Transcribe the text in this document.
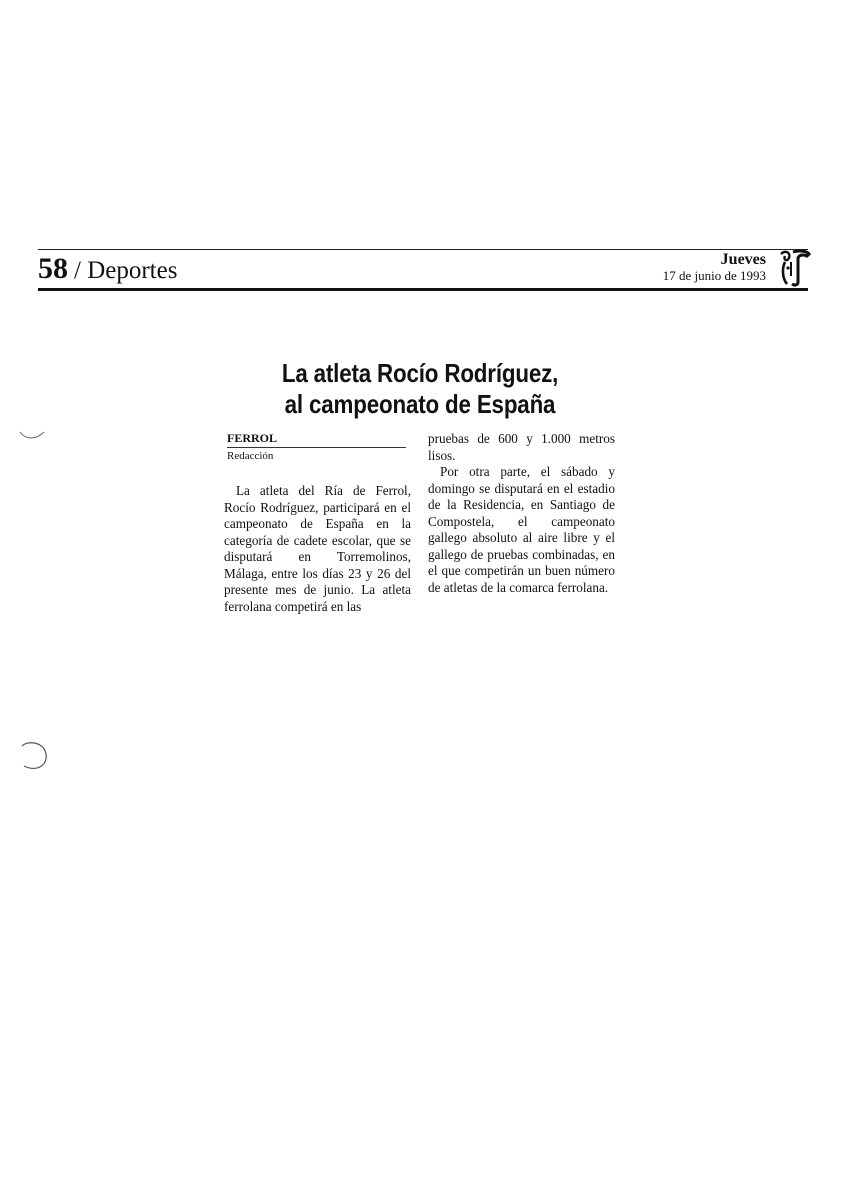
58 / Deportes	Jueves
17 de junio de 1993
La atleta Rocío Rodríguez,
al campeonato de España
FERROL
Redacción
La atleta del Ría de Ferrol, Rocío Rodríguez, participará en el campeonato de España en la categoría de cadete escolar, que se disputará en Torremolinos, Málaga, entre los días 23 y 26 del presente mes de junio. La atleta ferrolana competirá en las

pruebas de 600 y 1.000 metros lisos.

Por otra parte, el sábado y domingo se disputará en el estadio de la Residencia, en Santiago de Compostela, el campeonato gallego absoluto al aire libre y el gallego de pruebas combinadas, en el que competirán un buen número de atletas de la comarca ferrolana.
